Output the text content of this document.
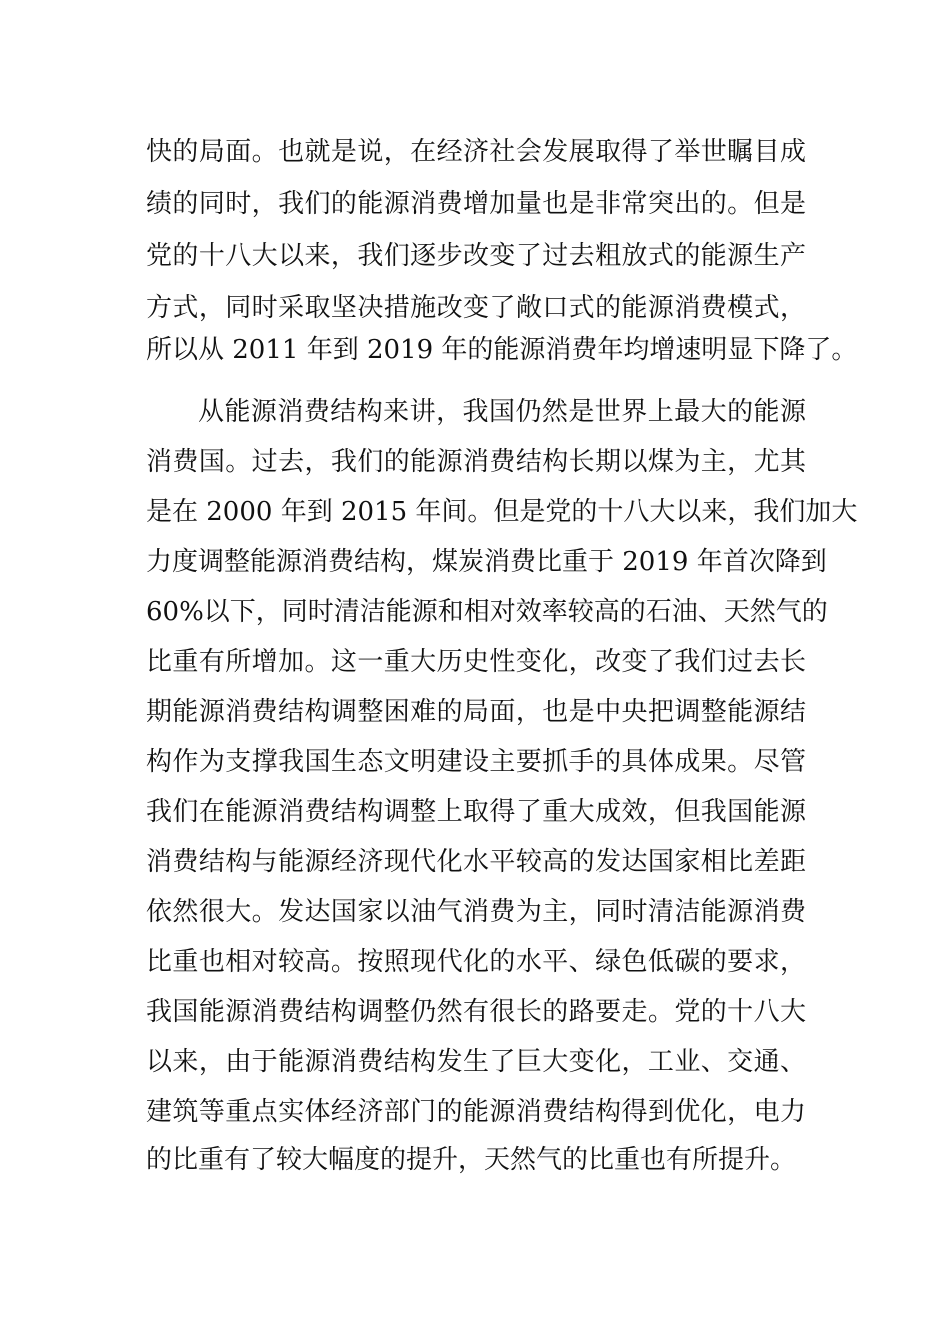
快的局面。也就是说，在经济社会发展取得了举世瞩目成
绩的同时，我们的能源消费增加量也是非常突出的。但是
党的十八大以来，我们逐步改变了过去粗放式的能源生产
方式，同时采取坚决措施改变了敞口式的能源消费模式，
所以从 2011 年到 2019 年的能源消费年均增速明显下降了。
从能源消费结构来讲，我国仍然是世界上最大的能源
消费国。过去，我们的能源消费结构长期以煤为主，尤其
是在 2000 年到 2015 年间。但是党的十八大以来，我们加大
力度调整能源消费结构，煤炭消费比重于 2019 年首次降到
60%以下，同时清洁能源和相对效率较高的石油、天然气的
比重有所增加。这一重大历史性变化，改变了我们过去长
期能源消费结构调整困难的局面，也是中央把调整能源结
构作为支撑我国生态文明建设主要抓手的具体成果。尽管
我们在能源消费结构调整上取得了重大成效，但我国能源
消费结构与能源经济现代化水平较高的发达国家相比差距
依然很大。发达国家以油气消费为主，同时清洁能源消费
比重也相对较高。按照现代化的水平、绿色低碳的要求，
我国能源消费结构调整仍然有很长的路要走。党的十八大
以来，由于能源消费结构发生了巨大变化，工业、交通、
建筑等重点实体经济部门的能源消费结构得到优化，电力
的比重有了较大幅度的提升，天然气的比重也有所提升。
